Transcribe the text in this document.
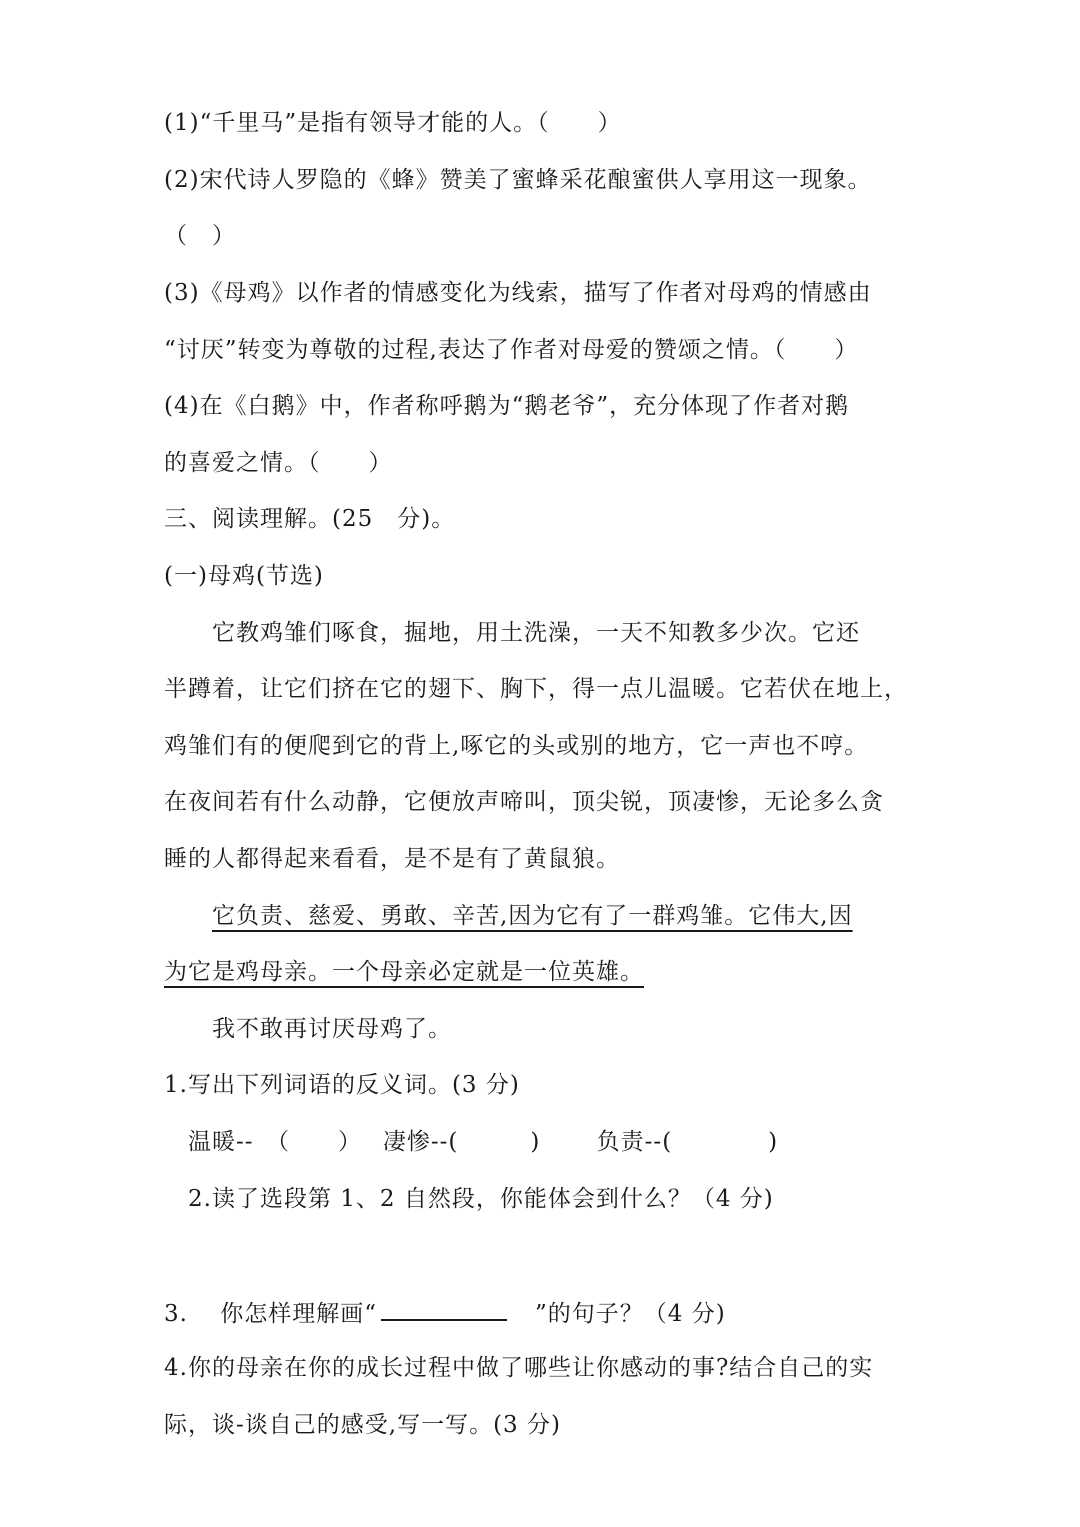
(1)“千里马”是指有领导才能的人。（　　）
(2)宋代诗人罗隐的《蜂》赞美了蜜蜂采花酿蜜供人享用这一现象。
（　）
(3)《母鸡》以作者的情感变化为线索，描写了作者对母鸡的情感由
“讨厌”转变为尊敬的过程,表达了作者对母爱的赞颂之情。（　　）
(4)在《白鹅》中，作者称呼鹅为“鹅老爷”，充分体现了作者对鹅
的喜爱之情。（　　）
三、阅读理解。(25　分)。
(一)母鸡(节选)
　　它教鸡雏们啄食，掘地，用土洗澡，一天不知教多少次。它还
半蹲着，让它们挤在它的翅下、胸下，得一点儿温暖。它若伏在地上，
鸡雏们有的便爬到它的背上,啄它的头或别的地方，它一声也不哼。
在夜间若有什么动静，它便放声啼叫，顶尖锐，顶凄惨，无论多么贪
睡的人都得起来看看，是不是有了黄鼠狼。
　　它负责、慈爱、勇敢、辛苦,因为它有了一群鸡雏。它伟大,因
为它是鸡母亲。一个母亲必定就是一位英雄。
　　我不敢再讨厌母鸡了。
1.写出下列词语的反义词。(3 分)
　温暖--　（　　）　 凄惨--(　　　)　　 负责--(　　　　)
　2.读了选段第 1、2 自然段，你能体会到什么？（4 分)
3.　 你怎样理解画“	”的句子？（4 分)
4.你的母亲在你的成长过程中做了哪些让你感动的事?结合自己的实
际，谈-谈自己的感受,写一写。(3 分)
